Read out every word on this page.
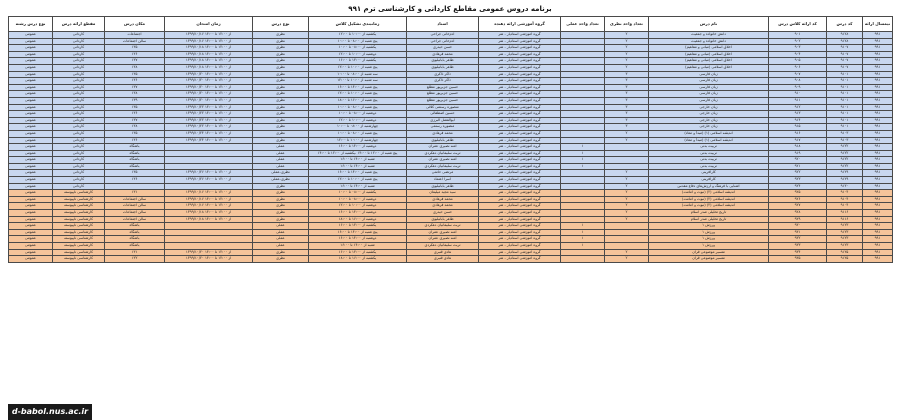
برنامه دروس عمومی مقاطع کاردانی و کارشناسی ترم ۹۹۱
نیمسال ارائه	کد درس	کد ارائه کلاس درس	نام درس	تعداد واحد نظری	تعداد واحد عملی	گروه آموزشی ارائه دهنده	استاد	زمانبندی تشکیل کلاس	نوع درس	زمان امتحان	مکان درس	مقطع ارائه درس	نوع درس رشته
۹۹۱	۹۱۲۸	۹۰۱	دانش خانواده و جمعیت	۲		گروه آموزشی استادیار - هنر	آدم‌خانی جراحی	یکشنبه از ۱۰:۰۰ تا ۱۲:۰۰	نظری	از ۱۲:۰۰ تا ۱۴:۰۰ ۱۳۹۹/۱۰/۱۶	اجتماعات	کاردانی	عمومی
۹۹۱	۹۱۲۸	۹۰۲	دانش خانواده و جمعیت	۲		گروه آموزشی استادیار - هنر	آدم‌خانی جراحی	پنج شنبه از ۰۸:۰۰ تا ۱۰:۰۰	نظری	از ۱۲:۰۰ تا ۱۴:۰۰ ۱۳۹۹/۱۰/۱۶	سالن اجتماعات	کاردانی	عمومی
۹۹۱	۹۱۰۷	۹۰۳	اخلاق اسلامی (مبانی و مفاهیم)	۲		گروه آموزشی استادیار - هنر	حسن حیدری	یکشنبه از ۰۸:۰۰ تا ۱۰:۰۰	نظری	از ۱۲:۰۰ تا ۱۴:۰۰ ۱۳۹۹/۱۰/۱۸	۱۳۵	کاردانی	عمومی
۹۹۱	۹۱۰۷	۹۰۴	اخلاق اسلامی (مبانی و مفاهیم)	۲		گروه آموزشی استادیار - هنر	محمد فرهادی	دوشنبه از ۱۰:۰۰ تا ۱۲:۰۰	نظری	از ۱۲:۰۰ تا ۱۴:۰۰ ۱۳۹۹/۱۰/۱۸	۱۳۶	کاردانی	عمومی
۹۹۱	۹۱۰۷	۹۰۵	اخلاق اسلامی (مبانی و مفاهیم)	۲		گروه آموزشی استادیار - هنر	طاهر بابانیلیوی	یکشنبه از ۱۴:۰۰ تا ۱۶:۰۰	نظری	از ۱۲:۰۰ تا ۱۴:۰۰ ۱۳۹۹/۱۰/۱۸	۱۳۷	کاردانی	عمومی
۹۹۱	۹۱۰۷	۹۰۶	اخلاق اسلامی (مبانی و مفاهیم)	۲		گروه آموزشی استادیار - هنر	طاهر بابانیلیوی	پنج شنبه از ۱۰:۰۰ تا ۱۲:۰۰	نظری	از ۱۲:۰۰ تا ۱۴:۰۰ ۱۳۹۹/۱۰/۱۸	۱۳۸	کاردانی	عمومی
۹۹۱	۹۱۰۱	۹۰۷	زبان فارسی	۳		گروه آموزشی استادیار - هنر	ذاکر ذاکری	سه شنبه از ۰۸:۰۰ تا ۱۰:۰۰	نظری	از ۱۲:۰۰ تا ۱۴:۰۰ ۱۳۹۹/۱۰/۲۰	۱۳۵	کاردانی	عمومی
۹۹۱	۹۱۰۱	۹۰۸	زبان فارسی	۳		گروه آموزشی استادیار - هنر	ذاکر ذاکری	سه شنبه از ۱۰:۰۰ تا ۱۲:۰۰	نظری	از ۱۲:۰۰ تا ۱۴:۰۰ ۱۳۹۹/۱۰/۲۰	۱۳۶	کاردانی	عمومی
۹۹۱	۹۱۰۱	۹۰۹	زبان فارسی	۳		گروه آموزشی استادیار - هنر	حسین جزیرپور مطلع	پنج شنبه از ۱۴:۰۰ تا ۱۶:۰۰	نظری	از ۱۲:۰۰ تا ۱۴:۰۰ ۱۳۹۹/۱۰/۲۰	۱۳۷	کاردانی	عمومی
۹۹۱	۹۱۰۱	۹۱۰	زبان فارسی	۳		گروه آموزشی استادیار - هنر	حسین جزیرپور مطلع	پنج شنبه از ۱۰:۰۰ تا ۱۲:۰۰	نظری	از ۱۲:۰۰ تا ۱۴:۰۰ ۱۳۹۹/۱۰/۲۰	۱۳۸	کاردانی	عمومی
۹۹۱	۹۱۰۱	۹۱۱	زبان فارسی	۳		گروه آموزشی استادیار - هنر	حسین جزیرپور مطلع	پنج شنبه از ۱۶:۰۰ تا ۱۸:۰۰	نظری	از ۱۲:۰۰ تا ۱۴:۰۰ ۱۳۹۹/۱۰/۲۰	۱۳۹	کاردانی	عمومی
۹۹۱	۹۱۰۱	۹۱۲	زبان خارجی	۳		گروه آموزشی استادیار - هنر	منصوره رستمی کلائی	پنج شنبه از ۰۸:۰۰ تا ۱۰:۰۰	نظری	از ۱۲:۰۰ تا ۱۴:۰۰ ۱۳۹۹/۱۰/۲۲	۱۳۵	کاردانی	عمومی
۹۹۱	۹۱۰۱	۹۱۳	زبان خارجی	۳		گروه آموزشی استادیار - هنر	حسین اصطفائی	دوشنبه از ۰۸:۰۰ تا ۱۰:۰۰	نظری	از ۱۲:۰۰ تا ۱۴:۰۰ ۱۳۹۹/۱۰/۲۲	۱۳۶	کاردانی	عمومی
۹۹۱	۹۱۰۱	۹۱۴	زبان خارجی	۳		گروه آموزشی استادیار - هنر	ابوالفضل آلبرزی	دوشنبه از ۱۰:۰۰ تا ۱۲:۰۰	نظری	از ۱۲:۰۰ تا ۱۴:۰۰ ۱۳۹۹/۱۰/۲۲	۱۳۷	کاردانی	عمومی
۹۹۱	۹۱۰۱	۹۱۵	زبان خارجی	۳		گروه آموزشی استادیار - هنر	منصوره رستمی	چهارشنبه از ۰۸:۰۰ تا ۱۰:۰۰	نظری	از ۱۲:۰۰ تا ۱۴:۰۰ ۱۳۹۹/۱۰/۲۲	۱۳۸	کاردانی	عمومی
۹۹۱	۹۱۰۳	۹۱۶	اندیشه اسلامی (۱) (مبدأ و معاد)	۲		گروه آموزشی استادیار - هنر	محمد فرهادی	پنج شنبه از ۰۸:۰۰ تا ۱۰:۰۰	نظری	از ۱۲:۰۰ تا ۱۴:۰۰ ۱۳۹۹/۱۰/۲۴	۱۳۵	کاردانی	عمومی
۹۹۱	۹۱۰۳	۹۱۷	اندیشه اسلامی (۱) (مبدأ و معاد)	۲		گروه آموزشی استادیار - هنر	طاهر بابانیلیوی	چهارشنبه از ۱۰:۰۰ تا ۱۲:۰۰	نظری	از ۱۲:۰۰ تا ۱۴:۰۰ ۱۳۹۹/۱۰/۲۴	۱۳۶	کاردانی	عمومی
۹۹۱	۹۱۲۲	۹۱۸	تربیت بدنی		۱	گروه آموزشی استادیار - هنر	آمنه نصیری عمران	دوشنبه از ۱۴:۰۰ تا ۱۶:۰۰	عملی		باشگاه	کاردانی	عمومی
۹۹۱	۹۱۲۲	۹۱۹	تربیت بدنی		۱	گروه آموزشی استادیار - هنر	تربت سلیمانیان دهکردی	پنج شنبه از ۱۲:۰۰ تا ۱۴:۰۰ ،یکشنبه از ۱۲:۰۰ تا ۱۴:۰۰	عملی		باشگاه	کاردانی	عمومی
۹۹۱	۹۱۲۲	۹۲۰	تربیت بدنی		۱	گروه آموزشی استادیار - هنر	آمنه نصیری عمران	شنبه از ۱۴:۰۰ تا ۱۶:۰۰	عملی		باشگاه	کاردانی	عمومی
۹۹۱	۹۱۲۲	۹۲۱	تربیت بدنی		۱	گروه آموزشی استادیار - هنر	تربت سلیمانیان دهکردی	شنبه از ۱۴:۰۰ تا ۱۶:۰۰	عملی		باشگاه	کاردانی	عمومی
۹۹۱	۹۱۲۹	۹۲۲	کارآفرینی	۲		گروه آموزشی استادیار - هنر	مرتضی حاتمی	پنج شنبه از ۱۴:۰۰ تا ۱۶:۰۰	نظری-عملی	از ۱۲:۰۰ تا ۱۴:۰۰ ۱۳۹۹/۱۰/۲۶	۱۳۵	کاردانی	عمومی
۹۹۱	۹۱۲۹	۹۲۳	کارآفرینی	۲		گروه آموزشی استادیار - هنر	اسرا اعتماد	پنج شنبه از ۱۰:۰۰ تا ۱۲:۰۰	نظری-عملی	از ۱۲:۰۰ تا ۱۴:۰۰ ۱۳۹۹/۱۰/۲۶	۱۳۶	کاردانی	عمومی
۹۹۱	۹۱۳۰	۹۲۴	آشنایی با فرهنگ و ارزش‌های دفاع مقدس	۲		گروه آموزشی استادیار - هنر	طاهر بابانیلیوی	شنبه از ۱۴:۰۰ تا ۱۶:۰۰	نظری			کاردانی	عمومی
۹۹۱	۹۱۰۴	۹۲۵	اندیشه اسلامی (۲) (نبوت و امامت)	۲		گروه آموزشی استادیار - هنر	سید مجید میلیمان	یکشنبه از ۰۸:۰۰ تا ۱۰:۰۰	نظری	از ۱۲:۰۰ تا ۱۴:۰۰ ۱۳۹۹/۱۰/۱۶	۱۳۱	کارشناسی ناپیوسته	عمومی
۹۹۱	۹۱۰۴	۹۲۶	اندیشه اسلامی (۲) (نبوت و امامت)	۲		گروه آموزشی استادیار - هنر	محمد فرهادی	دوشنبه از ۰۸:۰۰ تا ۱۰:۰۰	نظری	از ۱۲:۰۰ تا ۱۴:۰۰ ۱۳۹۹/۱۰/۱۶	سالن اجتماعات	کارشناسی ناپیوسته	عمومی
۹۹۱	۹۱۰۴	۹۲۷	اندیشه اسلامی (۲) (نبوت و امامت)	۲		گروه آموزشی استادیار - هنر	محمد فرهادی	دوشنبه از ۱۰:۰۰ تا ۱۲:۰۰	نظری	از ۱۲:۰۰ تا ۱۴:۰۰ ۱۳۹۹/۱۰/۱۶	سالن اجتماعات	کارشناسی ناپیوسته	عمومی
۹۹۱	۹۱۱۶	۹۲۸	تاریخ تحلیلی صدر اسلام	۲		گروه آموزشی استادیار - هنر	حسن حیدری	دوشنبه از ۱۴:۰۰ تا ۱۶:۰۰	نظری	از ۱۲:۰۰ تا ۱۴:۰۰ ۱۳۹۹/۱۰/۱۸	سالن اجتماعات	کارشناسی ناپیوسته	عمومی
۹۹۱	۹۱۱۶	۹۲۹	تاریخ تحلیلی صدر اسلام	۲		گروه آموزشی استادیار - هنر	طاهر بابانیلیوی	دوشنبه از ۱۶:۰۰ تا ۱۸:۰۰	نظری	از ۱۲:۰۰ تا ۱۴:۰۰ ۱۳۹۹/۱۰/۱۸	سالن اجتماعات	کارشناسی ناپیوسته	عمومی
۹۹۱	۹۱۲۳	۹۳۰	ورزش ۱		۱	گروه آموزشی استادیار - هنر	تربت سلیمانیان دهکردی	یکشنبه از ۱۴:۰۰ تا ۱۶:۰۰	عملی		باشگاه	کارشناسی ناپیوسته	عمومی
۹۹۱	۹۱۲۳	۹۳۱	ورزش ۱		۱	گروه آموزشی استادیار - هنر	آمنه نصیری عمران	پنج شنبه از ۱۴:۰۰ تا ۱۶:۰۰	عملی		باشگاه	کارشناسی ناپیوسته	عمومی
۹۹۱	۹۱۲۳	۹۳۲	ورزش ۱		۱	گروه آموزشی استادیار - هنر	آمنه نصیری عمران	دوشنبه از ۱۴:۰۰ تا ۱۶:۰۰	عملی		باشگاه	کارشناسی ناپیوسته	عمومی
۹۹۱	۹۱۲۳	۹۳۳	ورزش ۱		۱	گروه آموزشی استادیار - هنر	تربت سلیمانیان دهکردی	شنبه از ۱۴:۰۰ تا ۱۶:۰۰	عملی		باشگاه	کارشناسی ناپیوسته	عمومی
۹۹۱	۹۱۲۵	۹۳۴	تفسیر موضوعی قرآن	۲		گروه آموزشی استادیار - هنر	هادی قنبری	یکشنبه از ۱۴:۰۰ تا ۱۶:۰۰	نظری	از ۱۲:۰۰ تا ۱۴:۰۰ ۱۳۹۹/۱۰/۲۰	۱۳۱	کارشناسی ناپیوسته	عمومی
۹۹۱	۹۱۲۵	۹۳۵	تفسیر موضوعی قرآن	۲		گروه آموزشی استادیار - هنر	هادی قنبری	یکشنبه از ۱۶:۰۰ تا ۱۸:۰۰	نظری	از ۱۲:۰۰ تا ۱۴:۰۰ ۱۳۹۹/۱۰/۲۰	۱۳۲	کارشناسی ناپیوسته	عمومی
d-babol.nus.ac.ir
